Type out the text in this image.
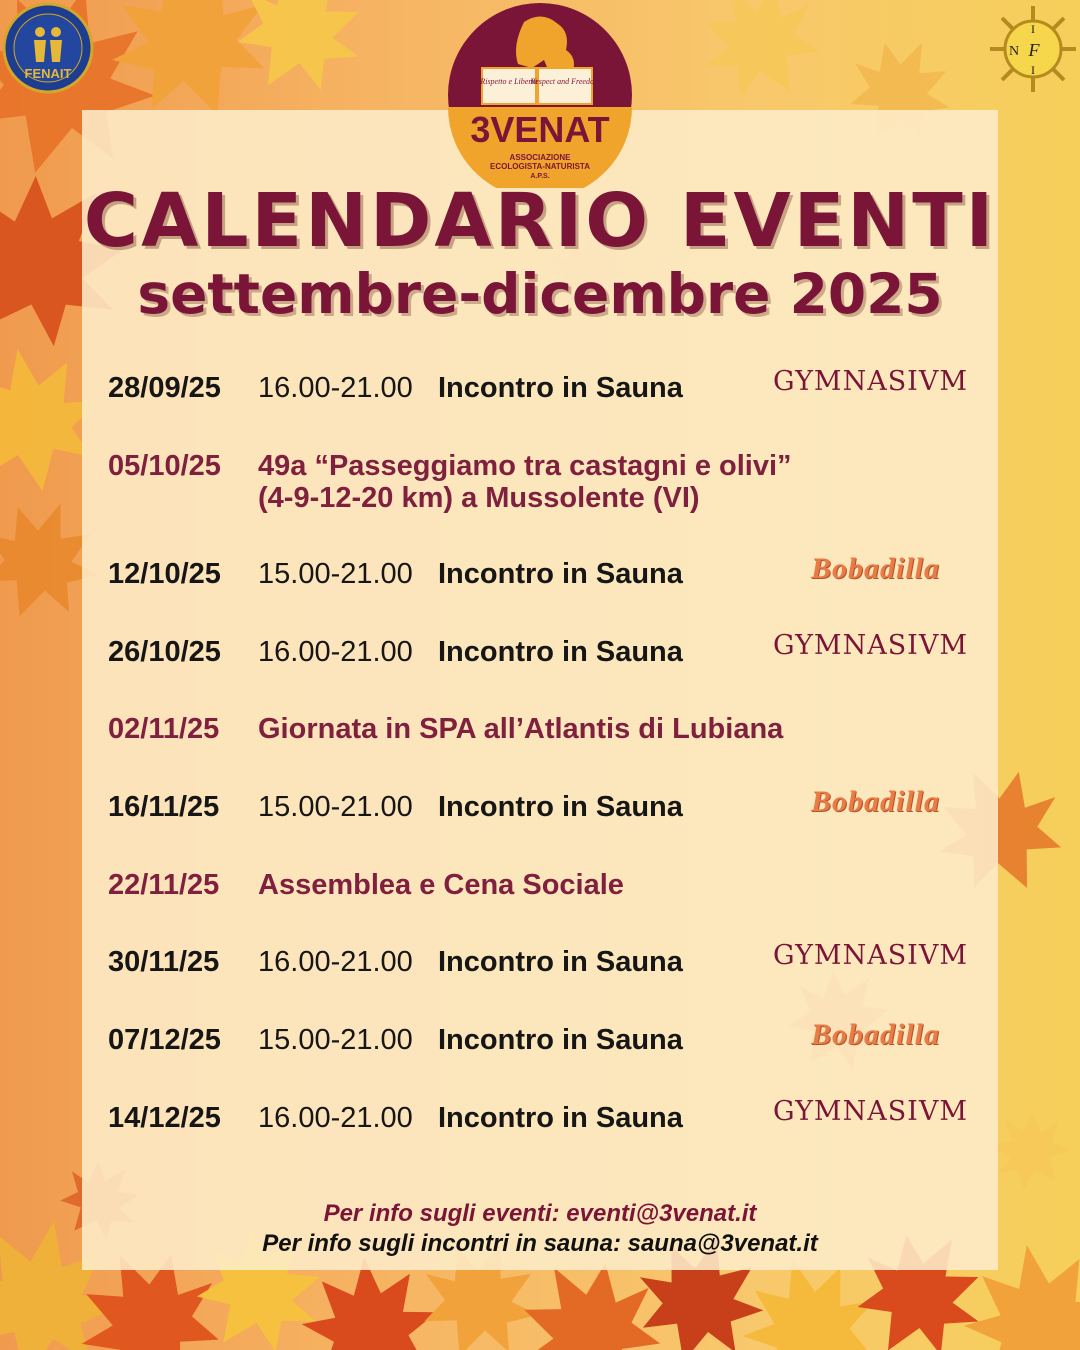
FENAIT
I
N F
I
Rispetto e Libertà
Respect and Freedom
3VENAT
ASSOCIAZIONE
ECOLOGISTA-NATURISTA
A.P.S.
CALENDARIO EVENTI
settembre-dicembre 2025
28/09/25 16.00-21.00 Incontro in Sauna	GYMNASIVM
05/10/25 49a “Passeggiamo tra castagni e olivi”
(4-9-12-20 km) a Mussolente (VI)
12/10/25 15.00-21.00 Incontro in Sauna	Bobadilla
26/10/25 16.00-21.00 Incontro in Sauna	GYMNASIVM
02/11/25 Giornata in SPA all’Atlantis di Lubiana
16/11/25 15.00-21.00 Incontro in Sauna	Bobadilla
22/11/25 Assemblea e Cena Sociale
30/11/25 16.00-21.00 Incontro in Sauna	GYMNASIVM
07/12/25 15.00-21.00 Incontro in Sauna	Bobadilla
14/12/25 16.00-21.00 Incontro in Sauna	GYMNASIVM
Per info sugli eventi: eventi@3venat.it
Per info sugli incontri in sauna: sauna@3venat.it
